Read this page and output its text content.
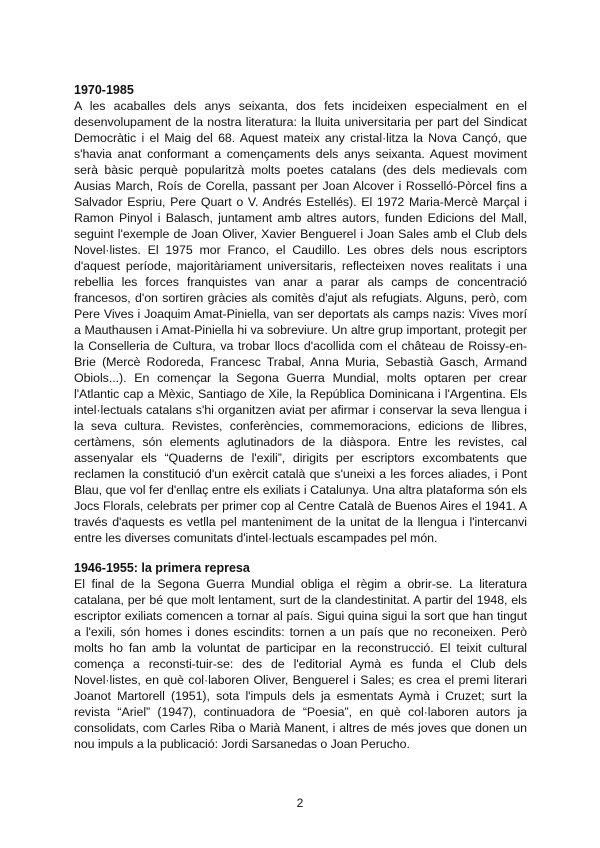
1970-1985

A les acaballes dels anys seixanta, dos fets incideixen especialment en el desenvolupament de la nostra literatura: la lluita universitaria per part del Sindicat Democràtic i el Maig del 68. Aquest mateix any cristal·litza la Nova Cançó, que s'havia anat conformant a començaments dels anys seixanta. Aquest moviment serà bàsic perquè popularitzà molts poetes catalans (des dels medievals com Ausias March, Roís de Corella, passant per Joan Alcover i Rosselló-Pòrcel fins a Salvador Espriu, Pere Quart o V. Andrés Estellés). El 1972 Maria-Mercè Marçal i Ramon Pinyol i Balasch, juntament amb altres autors, funden Edicions del Mall, seguint l'exemple de Joan Oliver, Xavier Benguerel i Joan Sales amb el Club dels Novel·listes. El 1975 mor Franco, el Caudillo. Les obres dels nous escriptors d'aquest període, majoritàriament universitaris, reflecteixen noves realitats i una rebellia les forces franquistes van anar a parar als camps de concentració francesos, d'on sortiren gràcies als comitès d'ajut als refugiats. Alguns, però, com Pere Vives i Joaquim Amat-Piniella, van ser deportats als camps nazis: Vives morí a Mauthausen i Amat-Piniella hi va sobreviure. Un altre grup important, protegit per la Conselleria de Cultura, va trobar llocs d'acollida com el château de Roissy-en-Brie (Mercè Rodoreda, Francesc Trabal, Anna Muria, Sebastià Gasch, Armand Obiols...). En començar la Segona Guerra Mundial, molts optaren per crear l'Atlantic cap a Mèxic, Santiago de Xile, la República Dominicana i l'Argentina. Els intel·lectuals catalans s'hi organitzen aviat per afirmar i conservar la seva llengua i la seva cultura. Revistes, conferències, commemoracions, edicions de llibres, certàmens, són elements aglutinadors de la diàspora. Entre les revistes, cal assenyalar els “Quaderns de l'exili”, dirigits per escriptors excombatents que reclamen la constitució d'un exèrcit català que s'uneixi a les forces aliades, i Pont Blau, que vol fer d'enllaç entre els exiliats i Catalunya. Una altra plataforma són els Jocs Florals, celebrats per primer cop al Centre Català de Buenos Aires el 1941. A través d'aquests es vetlla pel manteniment de la unitat de la llengua i l'intercanvi entre les diverses comunitats d'intel·lectuals escampades pel món.

1946-1955: la primera represa

El final de la Segona Guerra Mundial obliga el règim a obrir-se. La literatura catalana, per bé que molt lentament, surt de la clandestinitat. A partir del 1948, els escriptor exiliats comencen a tornar al país. Sigui quina sigui la sort que han tingut a l'exili, són homes i dones escindits: tornen a un país que no reconeixen. Però molts ho fan amb la voluntat de participar en la reconstrucció. El teixit cultural comença a reconsti-tuir-se: des de l'editorial Aymà es funda el Club dels Novel·listes, en què col·laboren Oliver, Benguerel i Sales; es crea el premi literari Joanot Martorell (1951), sota l'impuls dels ja esmentats Aymà i Cruzet; surt la revista “Ariel” (1947), continuadora de “Poesia”, en què col·laboren autors ja consolidats, com Carles Riba o Marià Manent, i altres de més joves que donen un nou impuls a la publicació: Jordi Sarsanedas o Joan Perucho.

2
